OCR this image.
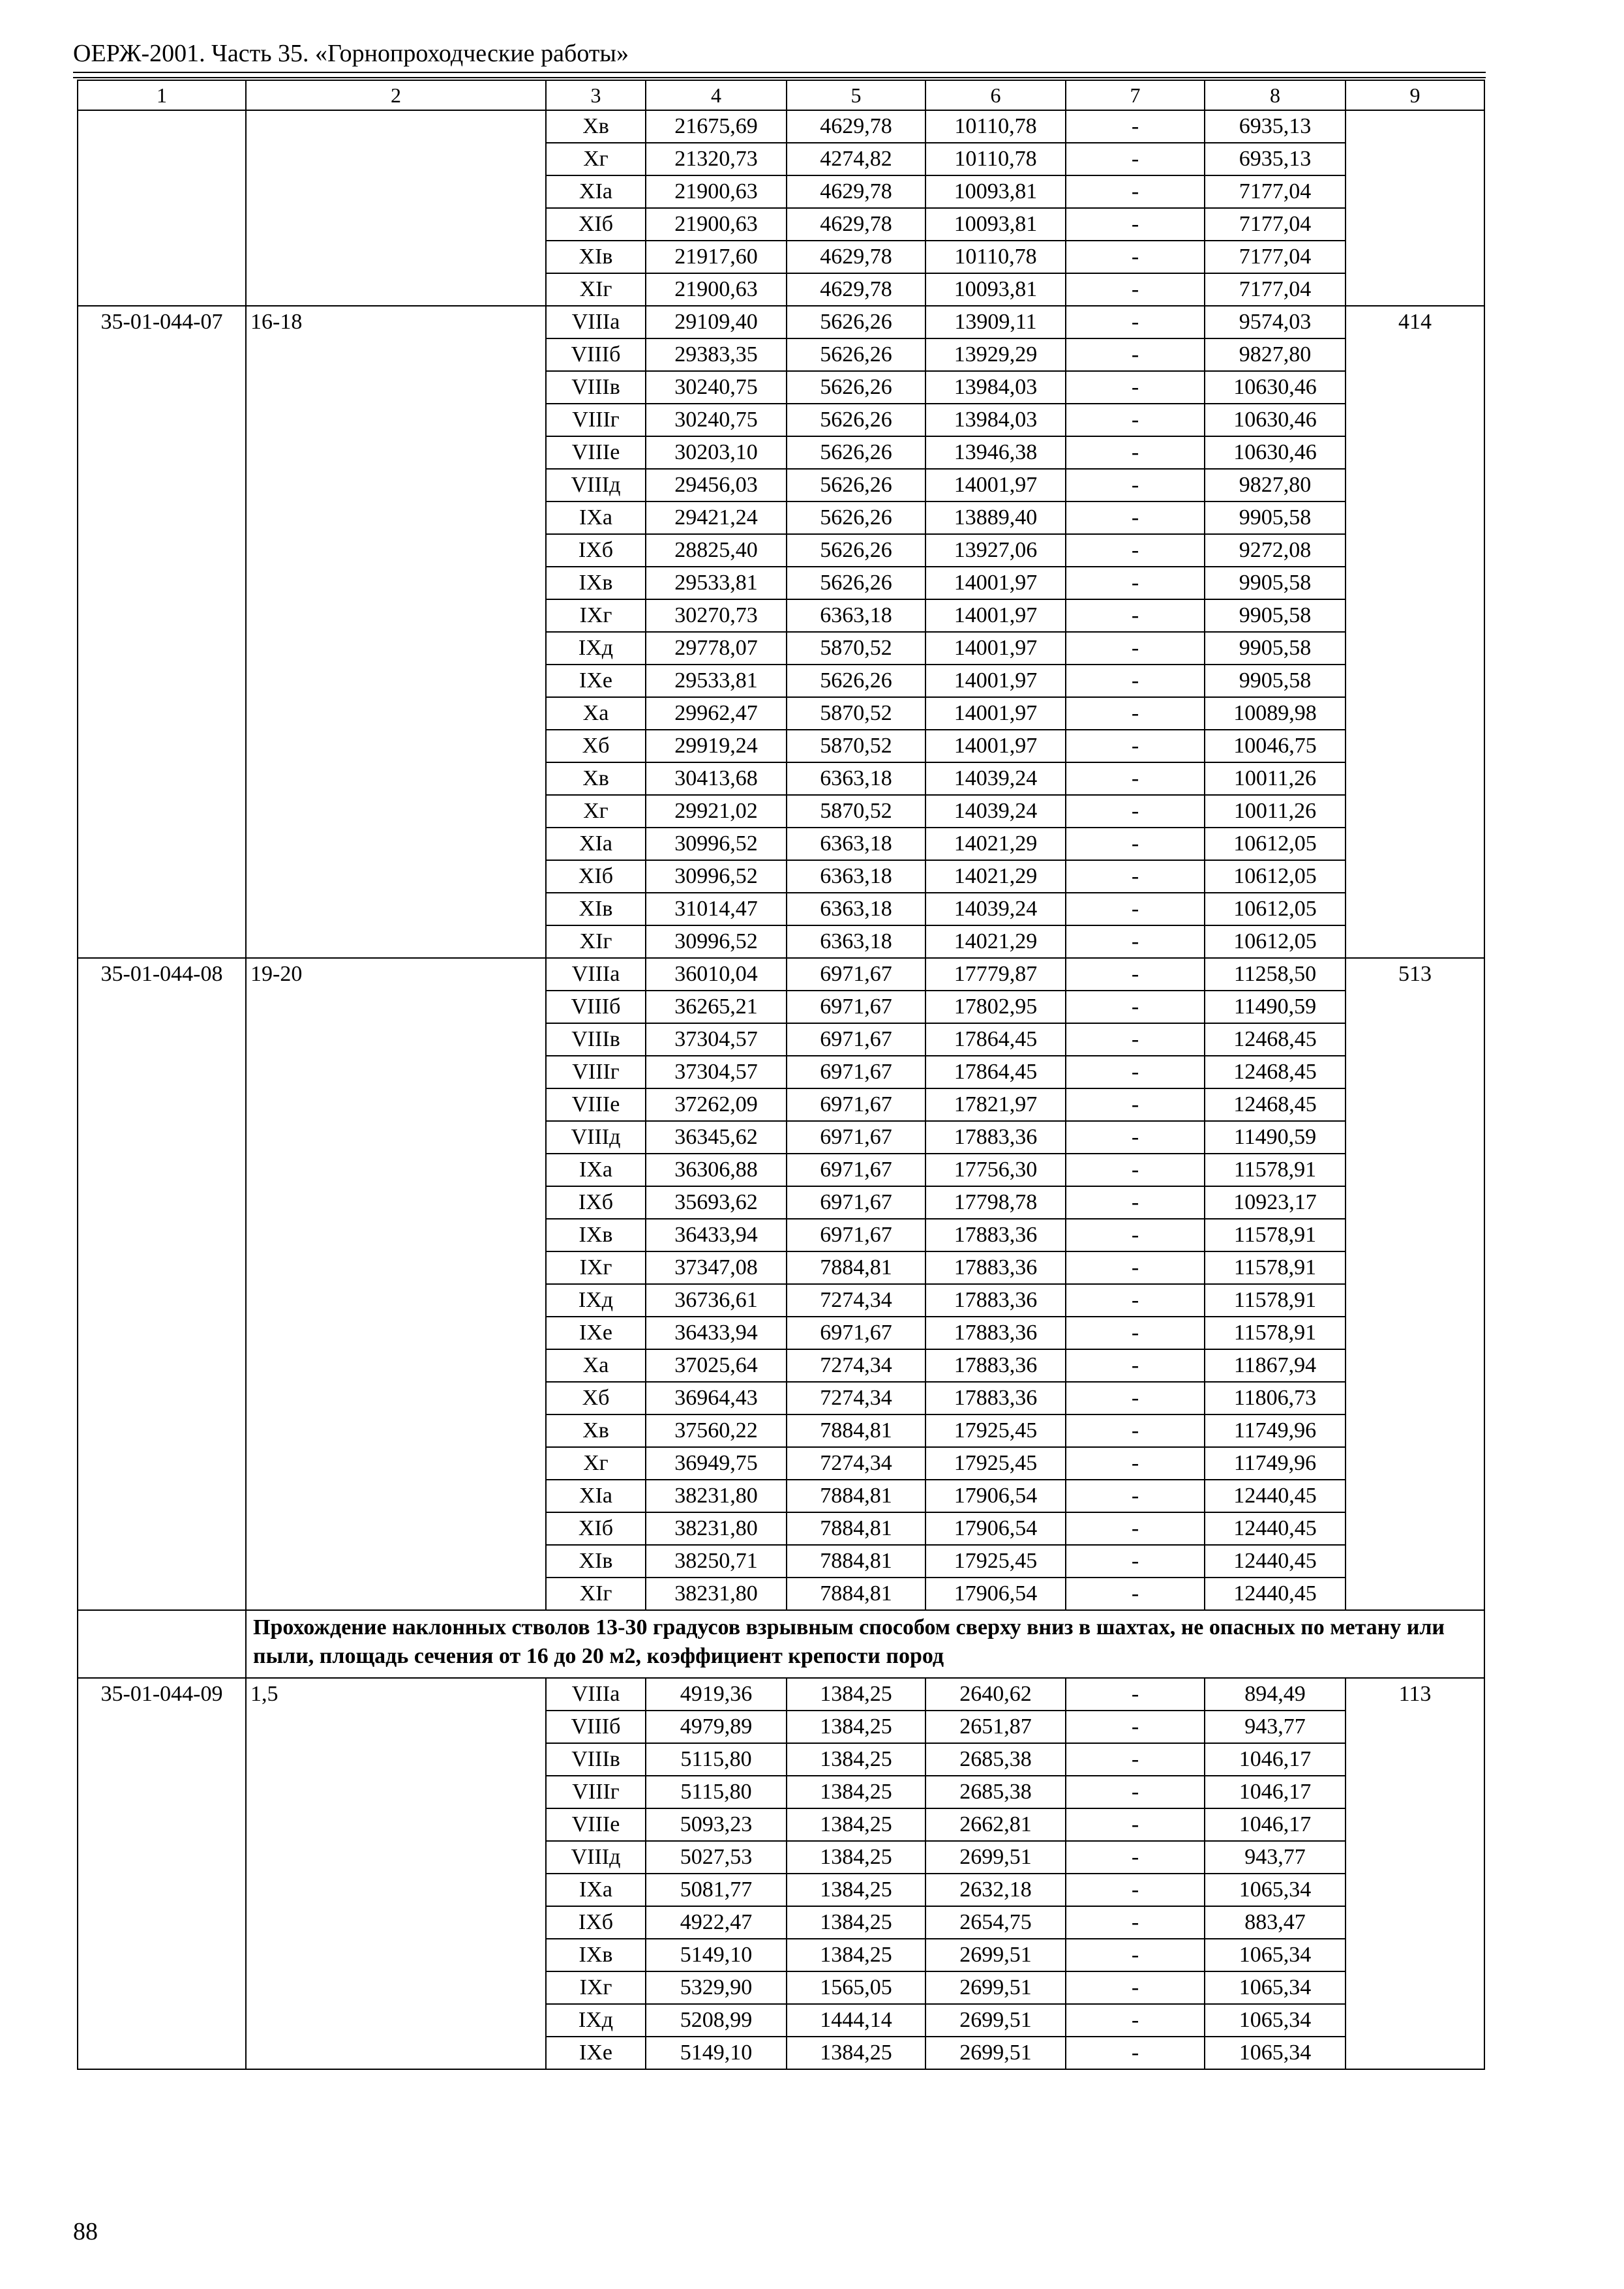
ОЕРЖ-2001. Часть 35. «Горнопроходческие работы»
1	2	3	4	5	6	7	8	9
		Хв	21675,69	4629,78	10110,78	-	6935,13	
		Хг	21320,73	4274,82	10110,78	-	6935,13	
		XIа	21900,63	4629,78	10093,81	-	7177,04	
		XIб	21900,63	4629,78	10093,81	-	7177,04	
		XIв	21917,60	4629,78	10110,78	-	7177,04	
		XIг	21900,63	4629,78	10093,81	-	7177,04	
35-01-044-07	16-18	VIIIа	29109,40	5626,26	13909,11	-	9574,03	414
		VIIIб	29383,35	5626,26	13929,29	-	9827,80	
		VIIIв	30240,75	5626,26	13984,03	-	10630,46	
		VIIIг	30240,75	5626,26	13984,03	-	10630,46	
		VIIIе	30203,10	5626,26	13946,38	-	10630,46	
		VIIIд	29456,03	5626,26	14001,97	-	9827,80	
		IXа	29421,24	5626,26	13889,40	-	9905,58	
		IXб	28825,40	5626,26	13927,06	-	9272,08	
		IXв	29533,81	5626,26	14001,97	-	9905,58	
		IXг	30270,73	6363,18	14001,97	-	9905,58	
		IXд	29778,07	5870,52	14001,97	-	9905,58	
		IXе	29533,81	5626,26	14001,97	-	9905,58	
		Ха	29962,47	5870,52	14001,97	-	10089,98	
		Хб	29919,24	5870,52	14001,97	-	10046,75	
		Хв	30413,68	6363,18	14039,24	-	10011,26	
		Хг	29921,02	5870,52	14039,24	-	10011,26	
		XIа	30996,52	6363,18	14021,29	-	10612,05	
		XIб	30996,52	6363,18	14021,29	-	10612,05	
		XIв	31014,47	6363,18	14039,24	-	10612,05	
		XIг	30996,52	6363,18	14021,29	-	10612,05	
35-01-044-08	19-20	VIIIа	36010,04	6971,67	17779,87	-	11258,50	513
		VIIIб	36265,21	6971,67	17802,95	-	11490,59	
		VIIIв	37304,57	6971,67	17864,45	-	12468,45	
		VIIIг	37304,57	6971,67	17864,45	-	12468,45	
		VIIIе	37262,09	6971,67	17821,97	-	12468,45	
		VIIIд	36345,62	6971,67	17883,36	-	11490,59	
		IXа	36306,88	6971,67	17756,30	-	11578,91	
		IXб	35693,62	6971,67	17798,78	-	10923,17	
		IXв	36433,94	6971,67	17883,36	-	11578,91	
		IXг	37347,08	7884,81	17883,36	-	11578,91	
		IXд	36736,61	7274,34	17883,36	-	11578,91	
		IXе	36433,94	6971,67	17883,36	-	11578,91	
		Ха	37025,64	7274,34	17883,36	-	11867,94	
		Хб	36964,43	7274,34	17883,36	-	11806,73	
		Хв	37560,22	7884,81	17925,45	-	11749,96	
		Хг	36949,75	7274,34	17925,45	-	11749,96	
		XIа	38231,80	7884,81	17906,54	-	12440,45	
		XIб	38231,80	7884,81	17906,54	-	12440,45	
		XIв	38250,71	7884,81	17925,45	-	12440,45	
		XIг	38231,80	7884,81	17906,54	-	12440,45	
	Прохождение наклонных стволов 13-30 градусов взрывным способом сверху вниз в шахтах, не опасных по метану или пыли, площадь сечения от 16 до 20 м2, коэффициент крепости пород							
35-01-044-09	1,5	VIIIа	4919,36	1384,25	2640,62	-	894,49	113
		VIIIб	4979,89	1384,25	2651,87	-	943,77	
		VIIIв	5115,80	1384,25	2685,38	-	1046,17	
		VIIIг	5115,80	1384,25	2685,38	-	1046,17	
		VIIIе	5093,23	1384,25	2662,81	-	1046,17	
		VIIIд	5027,53	1384,25	2699,51	-	943,77	
		IXа	5081,77	1384,25	2632,18	-	1065,34	
		IXб	4922,47	1384,25	2654,75	-	883,47	
		IXв	5149,10	1384,25	2699,51	-	1065,34	
		IXг	5329,90	1565,05	2699,51	-	1065,34	
		IXд	5208,99	1444,14	2699,51	-	1065,34	
		IXе	5149,10	1384,25	2699,51	-	1065,34	
88
